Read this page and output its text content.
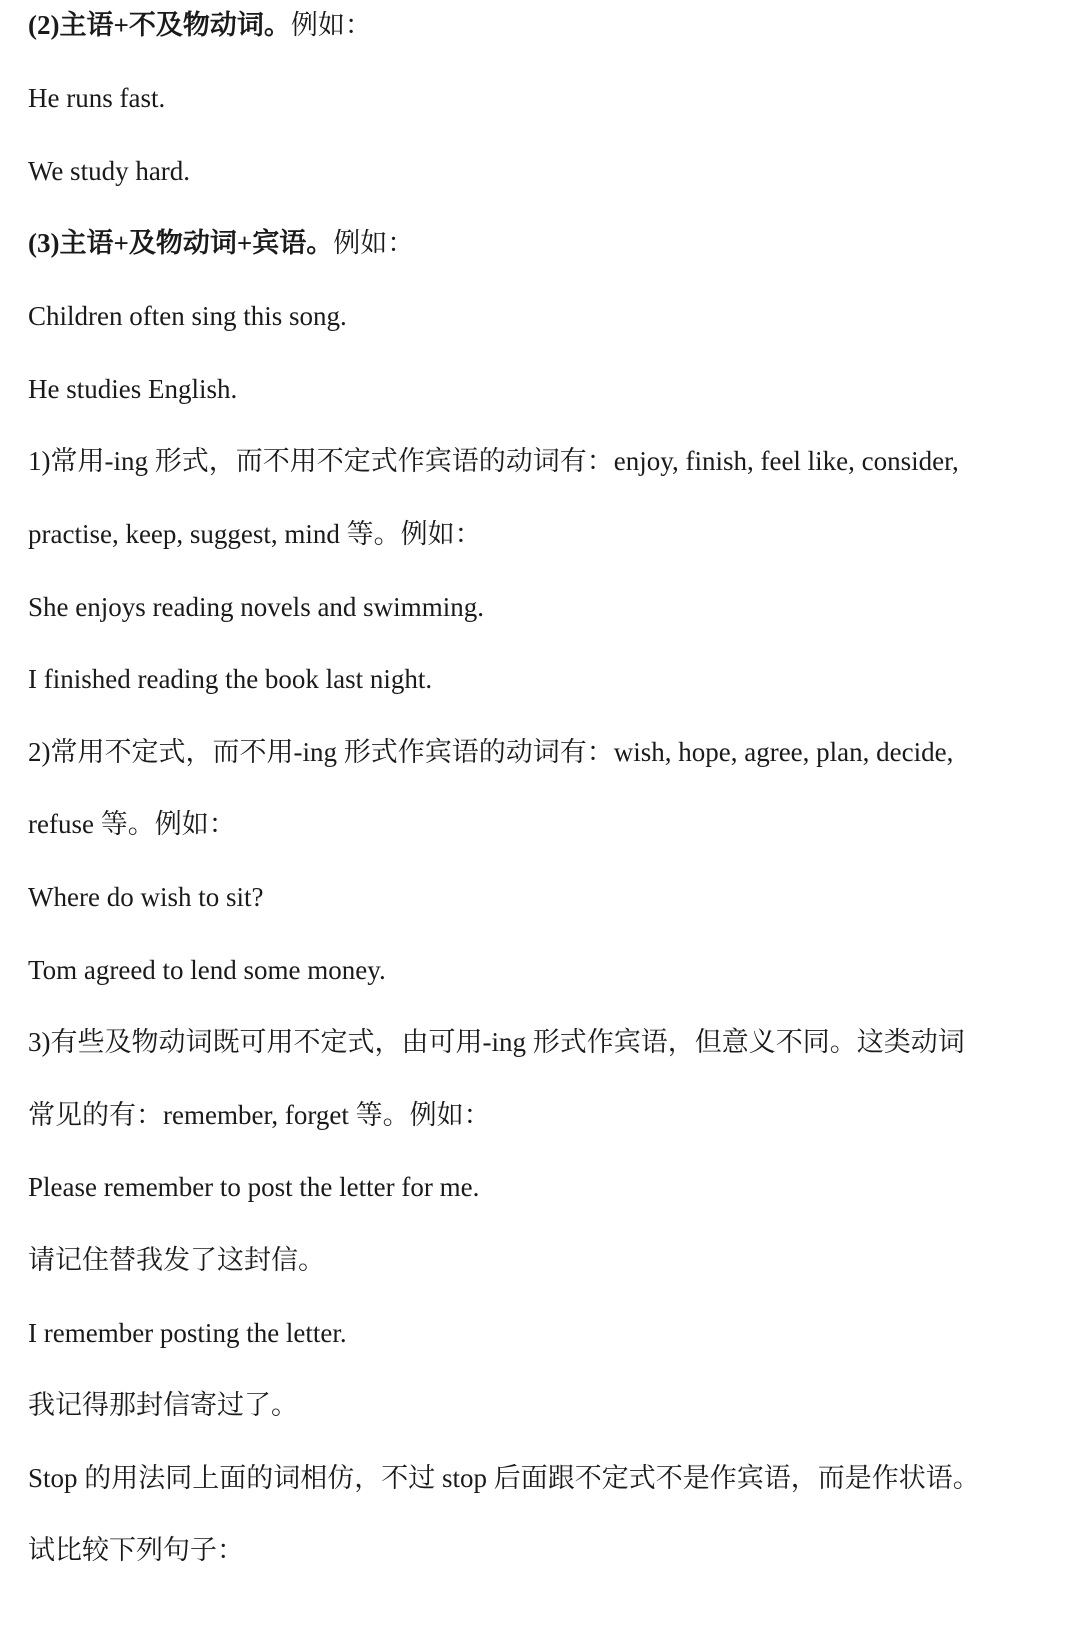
(2)主语+不及物动词。例如：

He runs fast.

We study hard.

(3)主语+及物动词+宾语。例如：

Children often sing this song.

He studies English.

1)常用-ing 形式，而不用不定式作宾语的动词有：enjoy, finish, feel like, consider,

practise, keep, suggest, mind 等。例如：

She enjoys reading novels and swimming.

I finished reading the book last night.

2)常用不定式，而不用-ing 形式作宾语的动词有：wish, hope, agree, plan, decide,

refuse 等。例如：

Where do wish to sit?

Tom agreed to lend some money.

3)有些及物动词既可用不定式，由可用-ing 形式作宾语，但意义不同。这类动词

常见的有：remember, forget 等。例如：

Please remember to post the letter for me.

请记住替我发了这封信。

I remember posting the letter.

我记得那封信寄过了。

Stop 的用法同上面的词相仿，不过 stop 后面跟不定式不是作宾语，而是作状语。

试比较下列句子：
